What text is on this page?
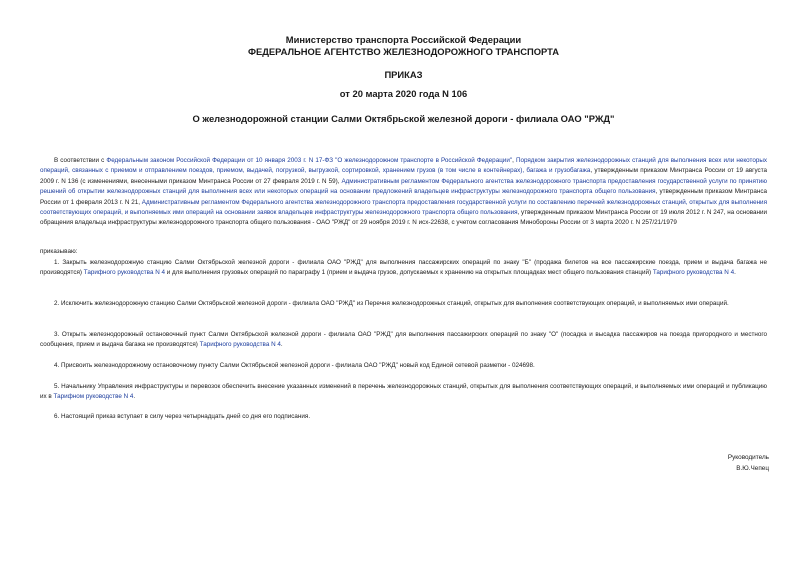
Министерство транспорта Российской Федерации
ФЕДЕРАЛЬНОЕ АГЕНТСТВО ЖЕЛЕЗНОДОРОЖНОГО ТРАНСПОРТА
ПРИКАЗ
от 20 марта 2020 года N 106
О железнодорожной станции Салми Октябрьской железной дороги - филиала ОАО "РЖД"
В соответствии с Федеральным законом Российской Федерации от 10 января 2003 г. N 17-ФЗ "О железнодорожном транспорте в Российской Федерации", Порядком закрытия железнодорожных станций для выполнения всех или некоторых операций, связанных с приемом и отправлением поездов, приемом, выдачей, погрузкой, выгрузкой, сортировкой, хранением грузов (в том числе в контейнерах), багажа и грузобагажа, утвержденным приказом Минтранса России от 19 августа 2009 г. N 136 (с изменениями, внесенными приказом Минтранса России от 27 февраля 2019 г. N 59), Административным регламентом Федерального агентства железнодорожного транспорта предоставления государственной услуги по принятию решений об открытии железнодорожных станций для выполнения всех или некоторых операций на основании предложений владельцев инфраструктуры железнодорожного транспорта общего пользования, утвержденным приказом Минтранса России от 1 февраля 2013 г. N 21, Административным регламентом Федерального агентства железнодорожного транспорта предоставления государственной услуги по составлению перечней железнодорожных станций, открытых для выполнения соответствующих операций, и выполняемых ими операций на основании заявок владельцев инфраструктуры железнодорожного транспорта общего пользования, утвержденным приказом Минтранса России от 19 июля 2012 г. N 247, на основании обращения владельца инфраструктуры железнодорожного транспорта общего пользования - ОАО "РЖД" от 29 ноября 2019 г. N исх-22638, с учетом согласования Минобороны России от 3 марта 2020 г. N 257/21/1979
приказываю:
1. Закрыть железнодорожную станцию Салми Октябрьской железной дороги - филиала ОАО "РЖД" для выполнения пассажирских операций по знаку "Б" (продажа билетов на все пассажирские поезда, прием и выдача багажа не производятся) Тарифного руководства N 4 и для выполнения грузовых операций по параграфу 1 (прием и выдача грузов, допускаемых к хранению на открытых площадках мест общего пользования станций) Тарифного руководства N 4.
2. Исключить железнодорожную станцию Салми Октябрьской железной дороги - филиала ОАО "РЖД" из Перечня железнодорожных станций, открытых для выполнения соответствующих операций, и выполняемых ими операций.
3. Открыть железнодорожный остановочный пункт Салми Октябрьской железной дороги - филиала ОАО "РЖД" для выполнения пассажирских операций по знаку "О" (посадка и высадка пассажиров на поезда пригородного и местного сообщения, прием и выдача багажа не производятся) Тарифного руководства N 4.
4. Присвоить железнодорожному остановочному пункту Салми Октябрьской железной дороги - филиала ОАО "РЖД" новый код Единой сетевой разметки - 024698.
5. Начальнику Управления инфраструктуры и перевозок обеспечить внесение указанных изменений в перечень железнодорожных станций, открытых для выполнения соответствующих операций, и выполняемых ими операций и публикацию их в Тарифном руководстве N 4.
6. Настоящий приказ вступает в силу через четырнадцать дней со дня его подписания.
Руководитель
В.Ю.Чепец
